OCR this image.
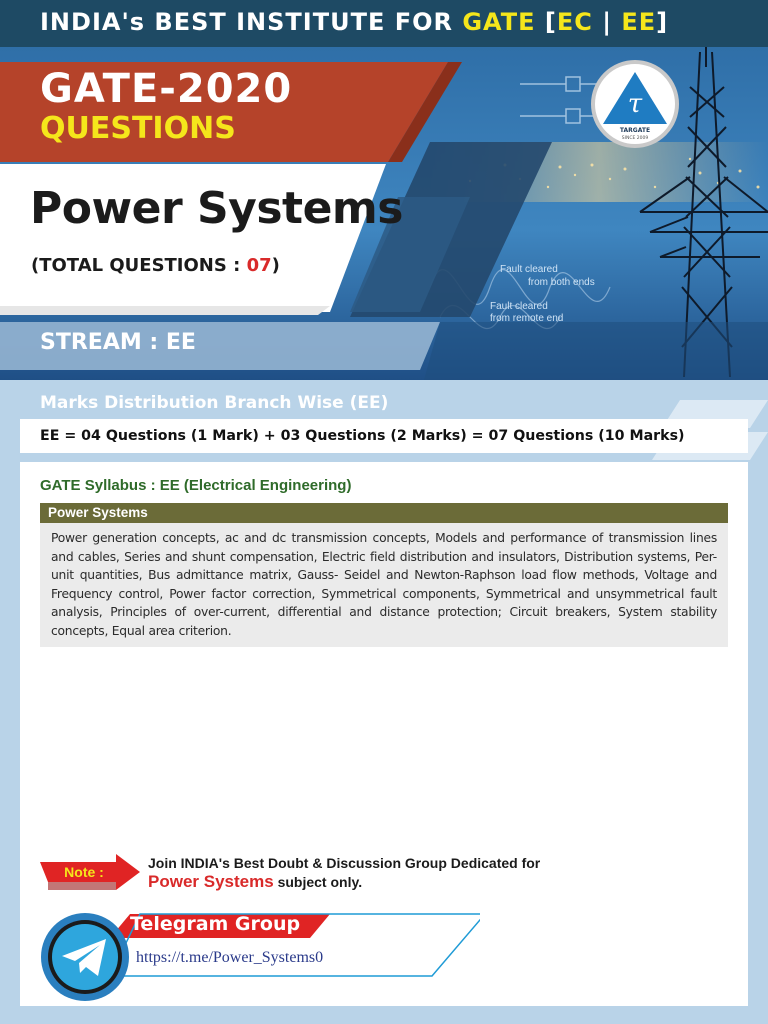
INDIA's BEST INSTITUTE FOR GATE [EC | EE]
Fault cleared
from both ends
Fault cleared
from remote end
GATE-2020
QUESTIONS
Power Systems
(TOTAL QUESTIONS : 07)
STREAM : EE
τ
TARGATE
SINCE 2009
Marks Distribution Branch Wise (EE)
EE = 04 Questions (1 Mark) + 03 Questions (2 Marks) = 07 Questions (10 Marks)
GATE Syllabus : EE (Electrical Engineering)
Power Systems
Power generation concepts, ac and dc transmission concepts, Models and performance of transmission lines and cables, Series and shunt compensation, Electric field distribution and insulators, Distribution systems, Per-unit quantities, Bus admittance matrix, Gauss- Seidel and Newton-Raphson load flow methods, Voltage and Frequency control, Power factor correction, Symmetrical components, Symmetrical and unsymmetrical fault analysis, Principles of over-current, differential and distance protection; Circuit breakers, System stability concepts, Equal area criterion.
Note :
Join INDIA's Best Doubt & Discussion Group Dedicated for
Power Systems subject only.
Telegram Group
https://t.me/Power_Systems0
